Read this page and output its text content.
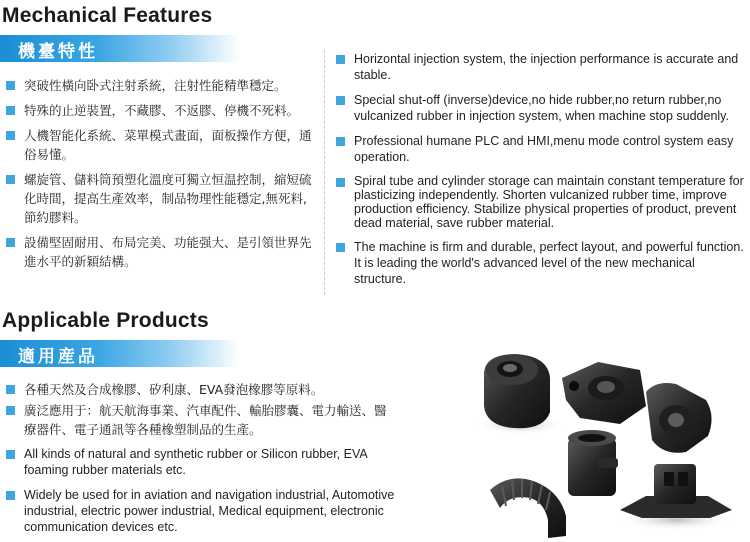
Mechanical Features
機臺特性
突破性橫向卧式注射系統，注射性能精準穩定。
特殊的止逆裝置，不藏膠、不返膠、停機不死料。
人機智能化系統、菜單模式畫面，面板操作方便，通俗易懂。
螺旋管、儲料筒預塑化溫度可獨立恒温控制，縮短硫化時間，提高生產效率，制品物理性能穩定,無死料,節約膠料。
設備堅固耐用、布局完美、功能强大、是引領世界先進水平的新穎結構。
Horizontal injection system, the injection performance is accurate and stable.
Special shut-off (inverse)device,no hide rubber,no return rubber,no vulcanized rubber in injection system, when machine stop suddenly.
Professional humane PLC and HMI,menu mode control system easy operation.
Spiral tube and cylinder storage can maintain constant temperature for plasticizing independently. Shorten vulcanized rubber time, improve production efficiency. Stabilize physical properties of product, prevent dead material, save rubber material.
The machine is firm and durable, perfect layout, and powerful function. It is leading the world's advanced level of the new mechanical structure.
Applicable Products
適用産品
各種天然及合成橡膠、矽利康、EVA發泡橡膠等原料。
廣泛應用于：航天航海事業、汽車配件、輸胎膠囊、電力輸送、醫療器件、電子通訊等各種橡塑制品的生產。
All kinds of natural and synthetic rubber or Silicon rubber, EVA foaming rubber materials etc.
Widely be used for in aviation and navigation industrial, Automotive industrial, electric power industrial, Medical equipment, electronic communication devices etc.
